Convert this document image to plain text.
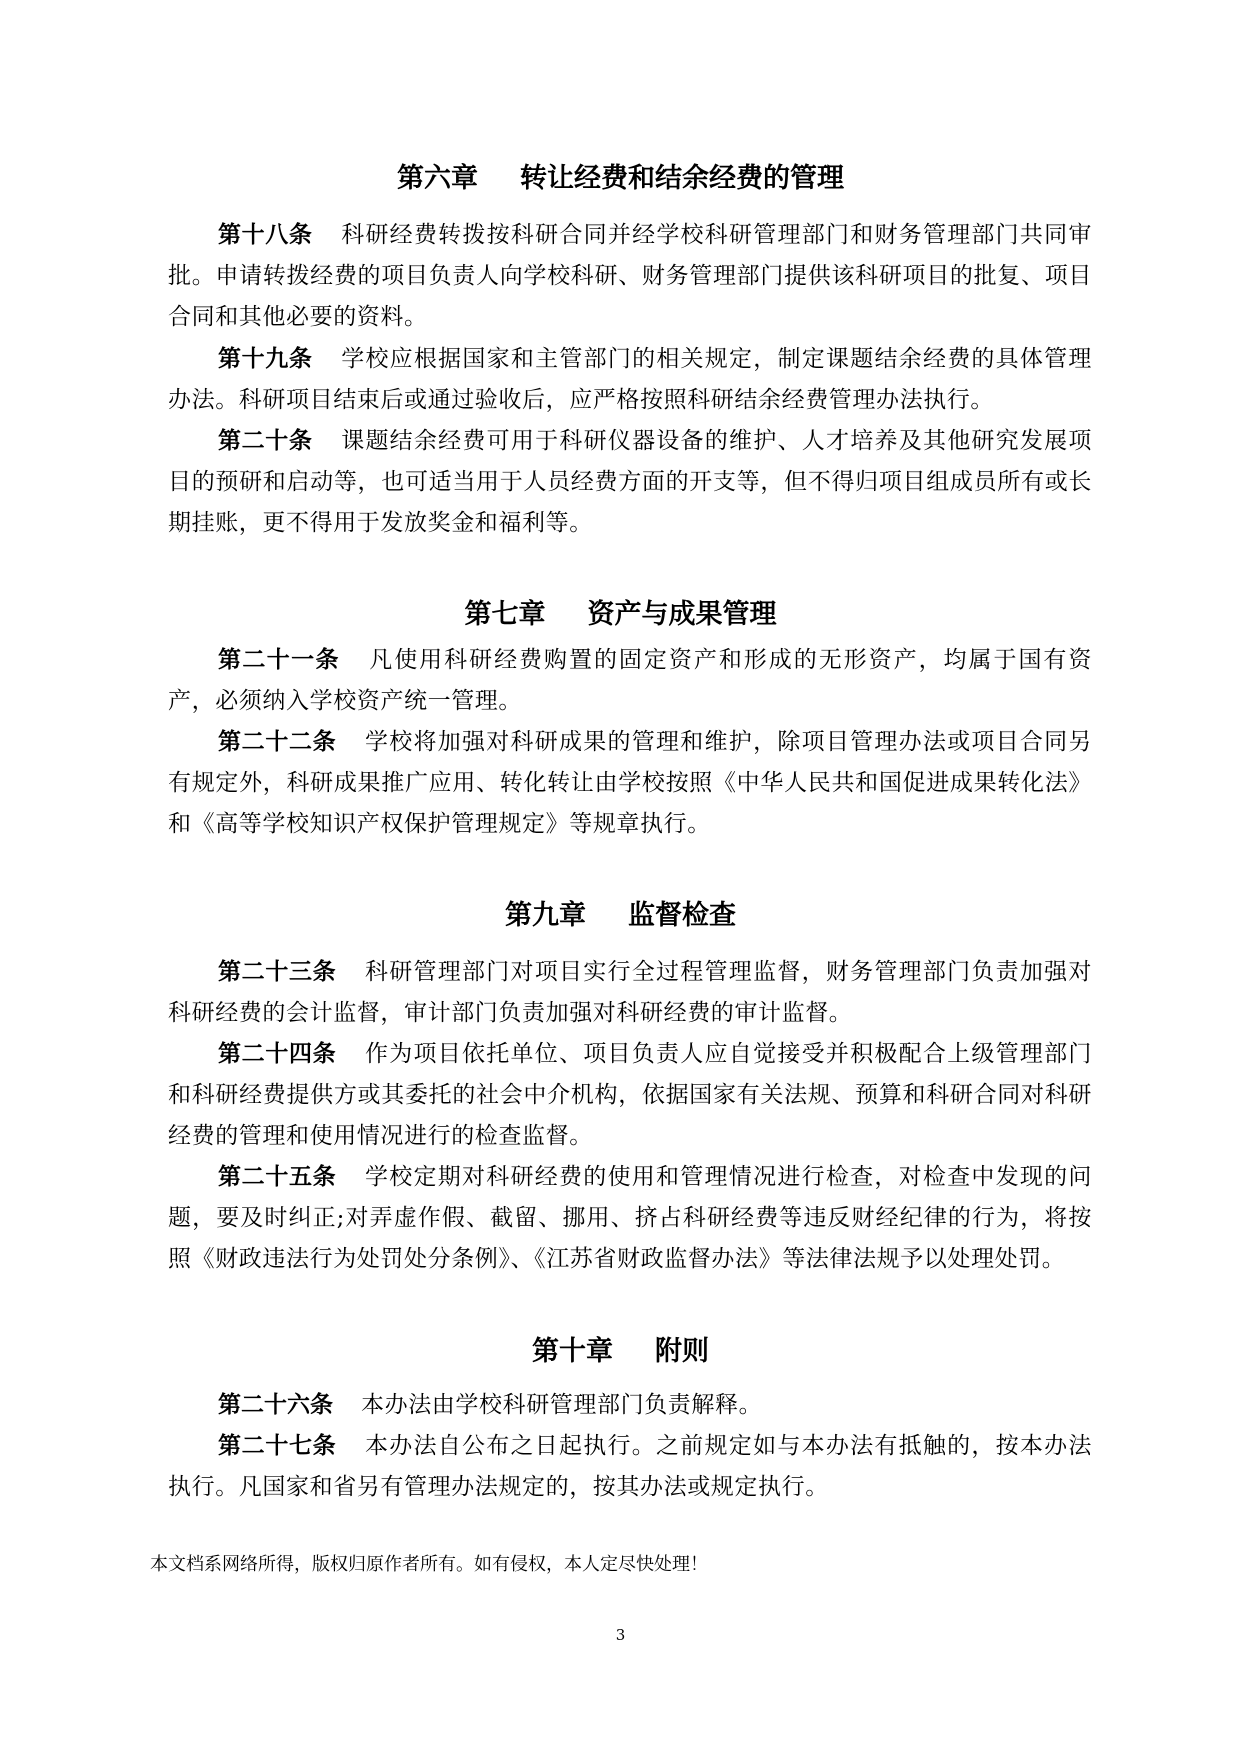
第六章 转让经费和结余经费的管理

第十八条 科研经费转拨按科研合同并经学校科研管理部门和财务管理部门共同审批。申请转拨经费的项目负责人向学校科研、财务管理部门提供该科研项目的批复、项目合同和其他必要的资料。

第十九条 学校应根据国家和主管部门的相关规定，制定课题结余经费的具体管理办法。科研项目结束后或通过验收后，应严格按照科研结余经费管理办法执行。

第二十条 课题结余经费可用于科研仪器设备的维护、人才培养及其他研究发展项目的预研和启动等，也可适当用于人员经费方面的开支等，但不得归项目组成员所有或长期挂账，更不得用于发放奖金和福利等。

第七章 资产与成果管理

第二十一条 凡使用科研经费购置的固定资产和形成的无形资产，均属于国有资产，必须纳入学校资产统一管理。

第二十二条 学校将加强对科研成果的管理和维护，除项目管理办法或项目合同另有规定外，科研成果推广应用、转化转让由学校按照《中华人民共和国促进成果转化法》和《高等学校知识产权保护管理规定》等规章执行。

第九章 监督检查

第二十三条 科研管理部门对项目实行全过程管理监督，财务管理部门负责加强对科研经费的会计监督，审计部门负责加强对科研经费的审计监督。

第二十四条 作为项目依托单位、项目负责人应自觉接受并积极配合上级管理部门和科研经费提供方或其委托的社会中介机构，依据国家有关法规、预算和科研合同对科研经费的管理和使用情况进行的检查监督。

第二十五条 学校定期对科研经费的使用和管理情况进行检查，对检查中发现的问题，要及时纠正;对弄虚作假、截留、挪用、挤占科研经费等违反财经纪律的行为，将按照《财政违法行为处罚处分条例》、《江苏省财政监督办法》等法律法规予以处理处罚。

第十章 附则

第二十六条 本办法由学校科研管理部门负责解释。

第二十七条 本办法自公布之日起执行。之前规定如与本办法有抵触的，按本办法执行。凡国家和省另有管理办法规定的，按其办法或规定执行。

本文档系网络所得，版权归原作者所有。如有侵权，本人定尽快处理！

3
